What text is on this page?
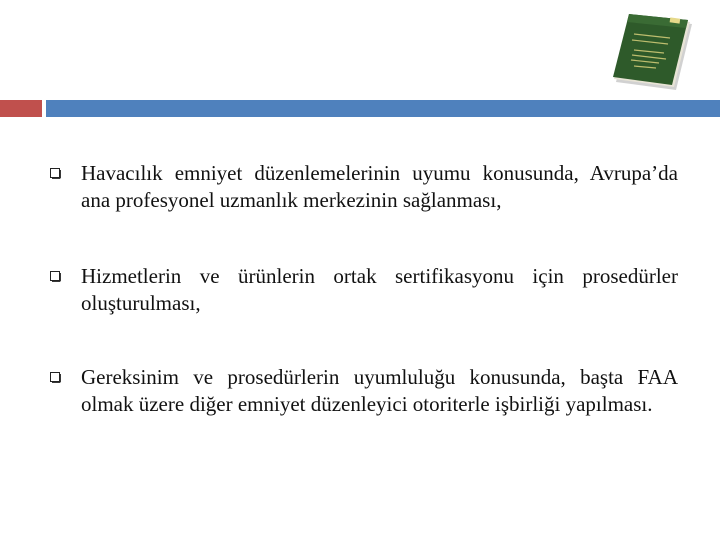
Havacılık emniyet düzenlemelerinin uyumu konusunda, Avrupa’da ana profesyonel uzmanlık merkezinin sağlanması,
Hizmetlerin ve ürünlerin ortak sertifikasyonu için prosedürler oluşturulması,
Gereksinim ve prosedürlerin uyumluluğu konusunda, başta FAA olmak üzere diğer emniyet düzenleyici otoriterle işbirliği yapılması.
